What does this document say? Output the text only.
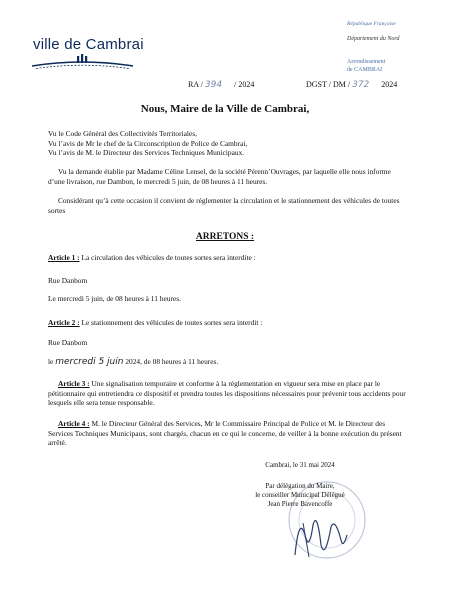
ville de Cambrai
République Française
Département du Nord
Arrondissement
de CAMBRAI
RA / 394 / 2024	DGST / DM / 372 2024
Nous, Maire de la Ville de Cambrai,
Vu le Code Général des Collectivités Territoriales,
Vu l’avis de Mr le chef de la Circonscription de Police de Cambrai,
Vu l’avis de M. le Directeur des Services Techniques Municipaux.
Vu la demande établie par Madame Céline Lensel, de la société Pérenn’Ouvrages, par laquelle elle nous informe d’une livraison, rue Dambon, le mercredi 5 juin, de 08 heures à 11 heures.
Considérant qu’à cette occasion il convient de réglementer la circulation et le stationnement des véhicules de toutes sortes
ARRETONS :
Article 1 : La circulation des véhicules de toutes sortes sera interdite :
Rue Danbom
Le mercredi 5 juin, de 08 heures à 11 heures.
Article 2 : Le stationnement des véhicules de toutes sortes sera interdit :
Rue Danbom
le mercredi 5 juin 2024, de 08 heures à 11 heures.
Article 3 : Une signalisation temporaire et conforme à la réglementation en vigueur sera mise en place par le pétitionnaire qui entretiendra ce dispositif et prendra toutes les dispositions nécessaires pour prévenir tous accidents pour lesquels elle sera tenue responsable.
Article 4 : M. le Directeur Général des Services, Mr le Commissaire Principal de Police et M. le Directeur des Services Techniques Municipaux, sont chargés, chacun en ce qui le concerne, de veiller à la bonne exécution du présent arrêté.
Cambrai, le 31 mai 2024
Par délégation du Maire,
le conseiller Municipal Délégué
Jean Pierre Bavencoffe
